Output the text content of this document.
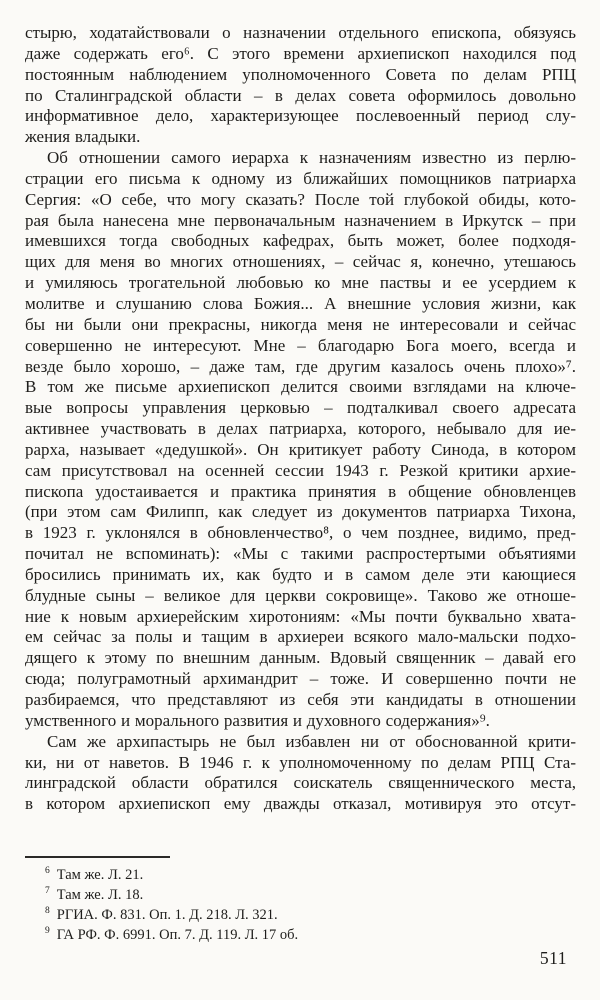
стырю, ходатайствовали о назначении отдельного епископа, обязуясь
даже содержать его⁶. С этого времени архиепископ находился под
постоянным наблюдением уполномоченного Совета по делам РПЦ
по Сталинградской области – в делах совета оформилось довольно
информативное дело, характеризующее послевоенный период слу-
жения владыки.
Об отношении самого иерарха к назначениям известно из перлю-
страции его письма к одному из ближайших помощников патриарха
Сергия: «О себе, что могу сказать? После той глубокой обиды, кото-
рая была нанесена мне первоначальным назначением в Иркутск – при
имевшихся тогда свободных кафедрах, быть может, более подходя-
щих для меня во многих отношениях, – сейчас я, конечно, утешаюсь
и умиляюсь трогательной любовью ко мне паствы и ее усердием к
молитве и слушанию слова Божия... А внешние условия жизни, как
бы ни были они прекрасны, никогда меня не интересовали и сейчас
совершенно не интересуют. Мне – благодарю Бога моего, всегда и
везде было хорошо, – даже там, где другим казалось очень плохо»⁷.
В том же письме архиепископ делится своими взглядами на ключе-
вые вопросы управления церковью – подталкивал своего адресата
активнее участвовать в делах патриарха, которого, небывало для ие-
рарха, называет «дедушкой». Он критикует работу Синода, в котором
сам присутствовал на осенней сессии 1943 г. Резкой критики архие-
пископа удостаивается и практика принятия в общение обновленцев
(при этом сам Филипп, как следует из документов патриарха Тихона,
в 1923 г. уклонялся в обновленчество⁸, о чем позднее, видимо, пред-
почитал не вспоминать): «Мы с такими распростертыми объятиями
бросились принимать их, как будто и в самом деле эти кающиеся
блудные сыны – великое для церкви сокровище». Таково же отноше-
ние к новым архиерейским хиротониям: «Мы почти буквально хвата-
ем сейчас за полы и тащим в архиереи всякого мало-мальски подхо-
дящего к этому по внешним данным. Вдовый священник – давай его
сюда; полуграмотный архимандрит – тоже. И совершенно почти не
разбираемся, что представляют из себя эти кандидаты в отношении
умственного и морального развития и духовного содержания»⁹.
Сам же архипастырь не был избавлен ни от обоснованной крити-
ки, ни от наветов. В 1946 г. к уполномоченному по делам РПЦ Ста-
линградской области обратился соискатель священнического места,
в котором архиепископ ему дважды отказал, мотивируя это отсут-
$^6$ Там же. Л. 21.
$^7$ Там же. Л. 18.
$^8$ РГИА. Ф. 831. Оп. 1. Д. 218. Л. 321.
$^9$ ГА РФ. Ф. 6991. Оп. 7. Д. 119. Л. 17 об.
511
